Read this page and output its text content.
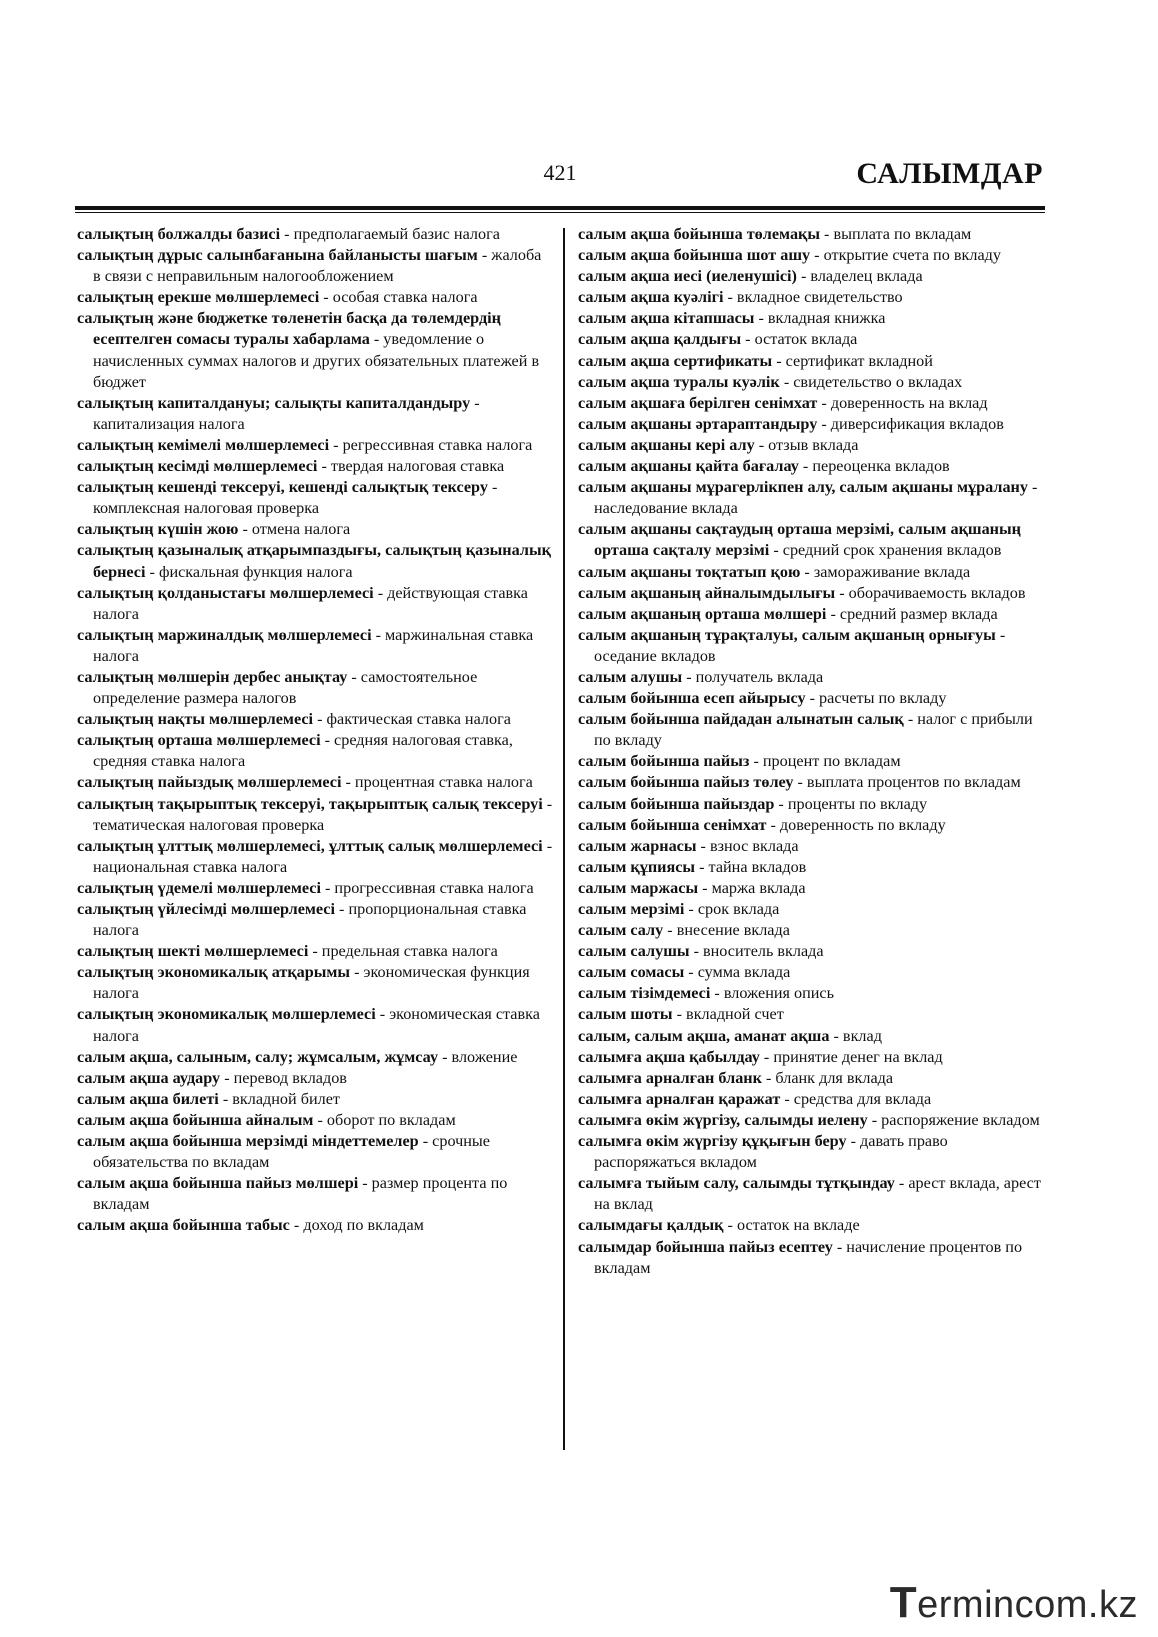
421	САЛЫМДАР

салықтың болжалды базисі - предполагаемый базис налога

салықтың дұрыс салынбағанына байланысты шағым - жалоба в связи с неправильным налогообложением

салықтың ерекше мөлшерлемесі - особая ставка налога

салықтың және бюджетке төленетін басқа да төлемдердің есептелген сомасы туралы хабарлама - уведомление о начисленных суммах налогов и других обязательных платежей в бюджет

салықтың капиталдануы; салықты капиталдандыру - капитализация налога

салықтың кемімелі мөлшерлемесі - регрессивная ставка налога

салықтың кесімді мөлшерлемесі - твердая налоговая ставка

салықтың кешенді тексеруі, кешенді салықтық тексеру - комплексная налоговая проверка

салықтың күшін жою - отмена налога

салықтың қазыналық атқарымпаздығы, салықтың қазыналық бернесі - фискальная функция налога

салықтың қолданыстағы мөлшерлемесі - действующая ставка налога

салықтың маржиналдық мөлшерлемесі - маржинальная ставка налога

салықтың мөлшерін дербес анықтау - самостоятельное определение размера налогов

салықтың нақты мөлшерлемесі - фактическая ставка налога

салықтың орташа мөлшерлемесі - средняя налоговая ставка, средняя ставка налога

салықтың пайыздық мөлшерлемесі - процентная ставка налога

салықтың тақырыптық тексеруі, тақырыптық салық тексеруі - тематическая налоговая проверка

салықтың ұлттық мөлшерлемесі, ұлттық салық мөлшерлемесі - национальная ставка налога

салықтың үдемелі мөлшерлемесі - прогрессивная ставка налога

салықтың үйлесімді мөлшерлемесі - пропорциональная ставка налога

салықтың шекті мөлшерлемесі - предельная ставка налога

салықтың экономикалық атқарымы - экономическая функция налога

салықтың экономикалық мөлшерлемесі - экономическая ставка налога

салым ақша, салыным, салу; жұмсалым, жұмсау - вложение

салым ақша аудару - перевод вкладов

салым ақша билеті - вкладной билет

салым ақша бойынша айналым - оборот по вкладам

салым ақша бойынша мерзімді міндеттемелер - срочные обязательства по вкладам

салым ақша бойынша пайыз мөлшері - размер процента по вкладам

салым ақша бойынша табыс - доход по вкладам

салым ақша бойынша төлемақы - выплата по вкладам

салым ақша бойынша шот ашу - открытие счета по вкладу

салым ақша иесі (иеленушісі) - владелец вклада

салым ақша куәлігі - вкладное свидетельство

салым ақша кітапшасы - вкладная книжка

салым ақша қалдығы - остаток вклада

салым ақша сертификаты - сертификат вкладной

салым ақша туралы куәлік - свидетельство о вкладах

салым ақшаға берілген сенімхат - доверенность на вклад

салым ақшаны әртараптандыру - диверсификация вкладов

салым ақшаны кері алу - отзыв вклада

салым ақшаны қайта бағалау - переоценка вкладов

салым ақшаны мұрагерлікпен алу, салым ақшаны мұралану - наследование вклада

салым ақшаны сақтаудың орташа мерзімі, салым ақшаның орташа сақталу мерзімі - средний срок хранения вкладов

салым ақшаны тоқтатып қою - замораживание вклада

салым ақшаның айналымдылығы - оборачиваемость вкладов

салым ақшаның орташа мөлшері - средний размер вклада

салым ақшаның тұрақталуы, салым ақшаның орнығуы - оседание вкладов

салым алушы - получатель вклада

салым бойынша есеп айырысу - расчеты по вкладу

салым бойынша пайдадан алынатын салық - налог с прибыли по вкладу

салым бойынша пайыз - процент по вкладам

салым бойынша пайыз төлеу - выплата процентов по вкладам

салым бойынша пайыздар - проценты по вкладу

салым бойынша сенімхат - доверенность по вкладу

салым жарнасы - взнос вклада

салым құпиясы - тайна вкладов

салым маржасы - маржа вклада

салым мерзімі - срок вклада

салым салу - внесение вклада

салым салушы - вноситель вклада

салым сомасы - сумма вклада

салым тізімдемесі - вложения опись

салым шоты - вкладной счет

салым, салым ақша, аманат ақша - вклад

салымға ақша қабылдау - принятие денег на вклад

салымға арналған бланк - бланк для вклада

салымға арналған қаражат - средства для вклада

салымға өкім жүргізу, салымды иелену - распоряжение вкладом

салымға өкім жүргізу құқығын беру - давать право распоряжаться вкладом

салымға тыйым салу, салымды тұтқындау - арест вклада, арест на вклад

салымдағы қалдық - остаток на вкладе

салымдар бойынша пайыз есептеу - начисление процентов по вкладам

Termincom.kz
